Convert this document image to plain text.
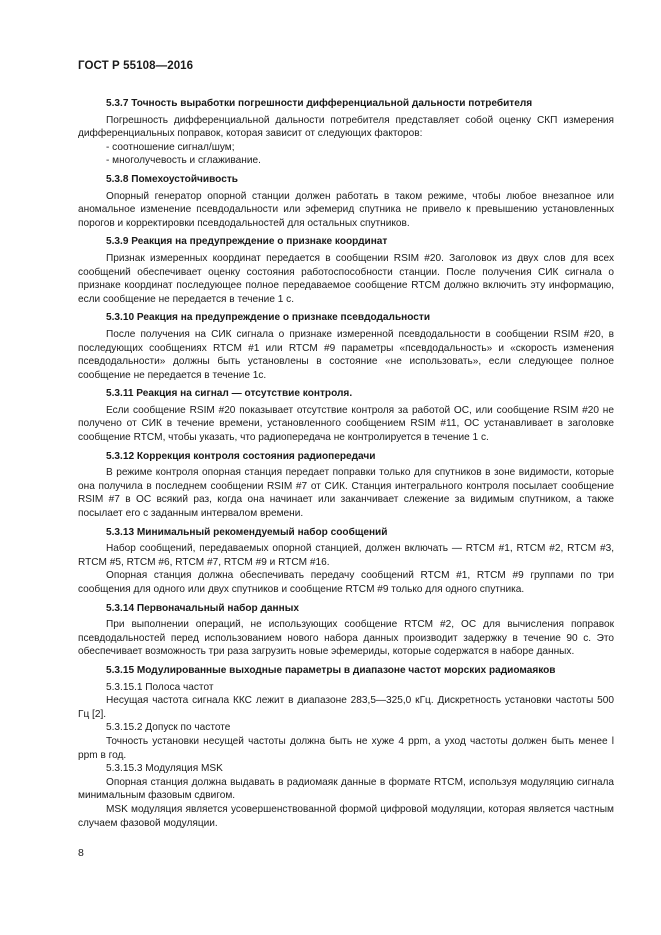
ГОСТ Р 55108—2016
5.3.7 Точность выработки погрешности дифференциальной дальности потребителя

Погрешность дифференциальной дальности потребителя представляет собой оценку СКП измерения дифференциальных поправок, которая зависит от следующих факторов:

- соотношение сигнал/шум;

- многолучевость и сглаживание.

5.3.8 Помехоустойчивость

Опорный генератор опорной станции должен работать в таком режиме, чтобы любое внезапное или аномальное изменение псевдодальности или эфемерид спутника не привело к превышению установленных порогов и корректировки псевдодальностей для остальных спутников.

5.3.9 Реакция на предупреждение о признаке координат

Признак измеренных координат передается в сообщении RSIM #20. Заголовок из двух слов для всех сообщений обеспечивает оценку состояния работоспособности станции. После получения СИК сигнала о признаке координат последующее полное передаваемое сообщение RTCM должно включить эту информацию, если сообщение не передается в течение 1 с.

5.3.10 Реакция на предупреждение о признаке псевдодальности

После получения на СИК сигнала о признаке измеренной псевдодальности в сообщении RSIM #20, в последующих сообщениях RTCM #1 или RTCM #9 параметры «псевдодальность» и «скорость изменения псевдодальности» должны быть установлены в состояние «не использовать», если следующее полное сообщение не передается в течение 1с.

5.3.11 Реакция на сигнал — отсутствие контроля.

Если сообщение RSIM #20 показывает отсутствие контроля за работой ОС, или сообщение RSIM #20 не получено от СИК в течение времени, установленного сообщением RSIM #11, ОС устанавливает в заголовке сообщение RTCM, чтобы указать, что радиопередача не контролируется в течение 1 с.

5.3.12 Коррекция контроля состояния радиопередачи

В режиме контроля опорная станция передает поправки только для спутников в зоне видимости, которые она получила в последнем сообщении RSIM #7 от СИК. Станция интегрального контроля посылает сообщение RSIM #7 в ОС всякий раз, когда она начинает или заканчивает слежение за видимым спутником, а также посылает его с заданным интервалом времени.

5.3.13 Минимальный рекомендуемый набор сообщений

Набор сообщений, передаваемых опорной станцией, должен включать — RTCM #1, RTCM #2, RTCM #3, RTCM #5, RTCM #6, RTCM #7, RTCM #9 и RTCM #16.

Опорная станция должна обеспечивать передачу сообщений RTCM #1, RTCM #9 группами по три сообщения для одного или двух спутников и сообщение RTCM #9 только для одного спутника.

5.3.14 Первоначальный набор данных

При выполнении операций, не использующих сообщение RTCM #2, ОС для вычисления поправок псевдодальностей перед использованием нового набора данных производит задержку в течение 90 с. Это обеспечивает возможность три раза загрузить новые эфемериды, которые содержатся в наборе данных.

5.3.15 Модулированные выходные параметры в диапазоне частот морских радиомаяков

5.3.15.1 Полоса частот

Несущая частота сигнала ККС лежит в диапазоне 283,5—325,0 кГц. Дискретность установки частоты 500 Гц [2].

5.3.15.2 Допуск по частоте

Точность установки несущей частоты должна быть не хуже 4 ppm, а уход частоты должен быть менее l ppm в год.

5.3.15.3 Модуляция MSK

Опорная станция должна выдавать в радиомаяк данные в формате RTCM, используя модуляцию сигнала минимальным фазовым сдвигом.

MSK модуляция является усовершенствованной формой цифровой модуляции, которая является частным случаем фазовой модуляции.

8
